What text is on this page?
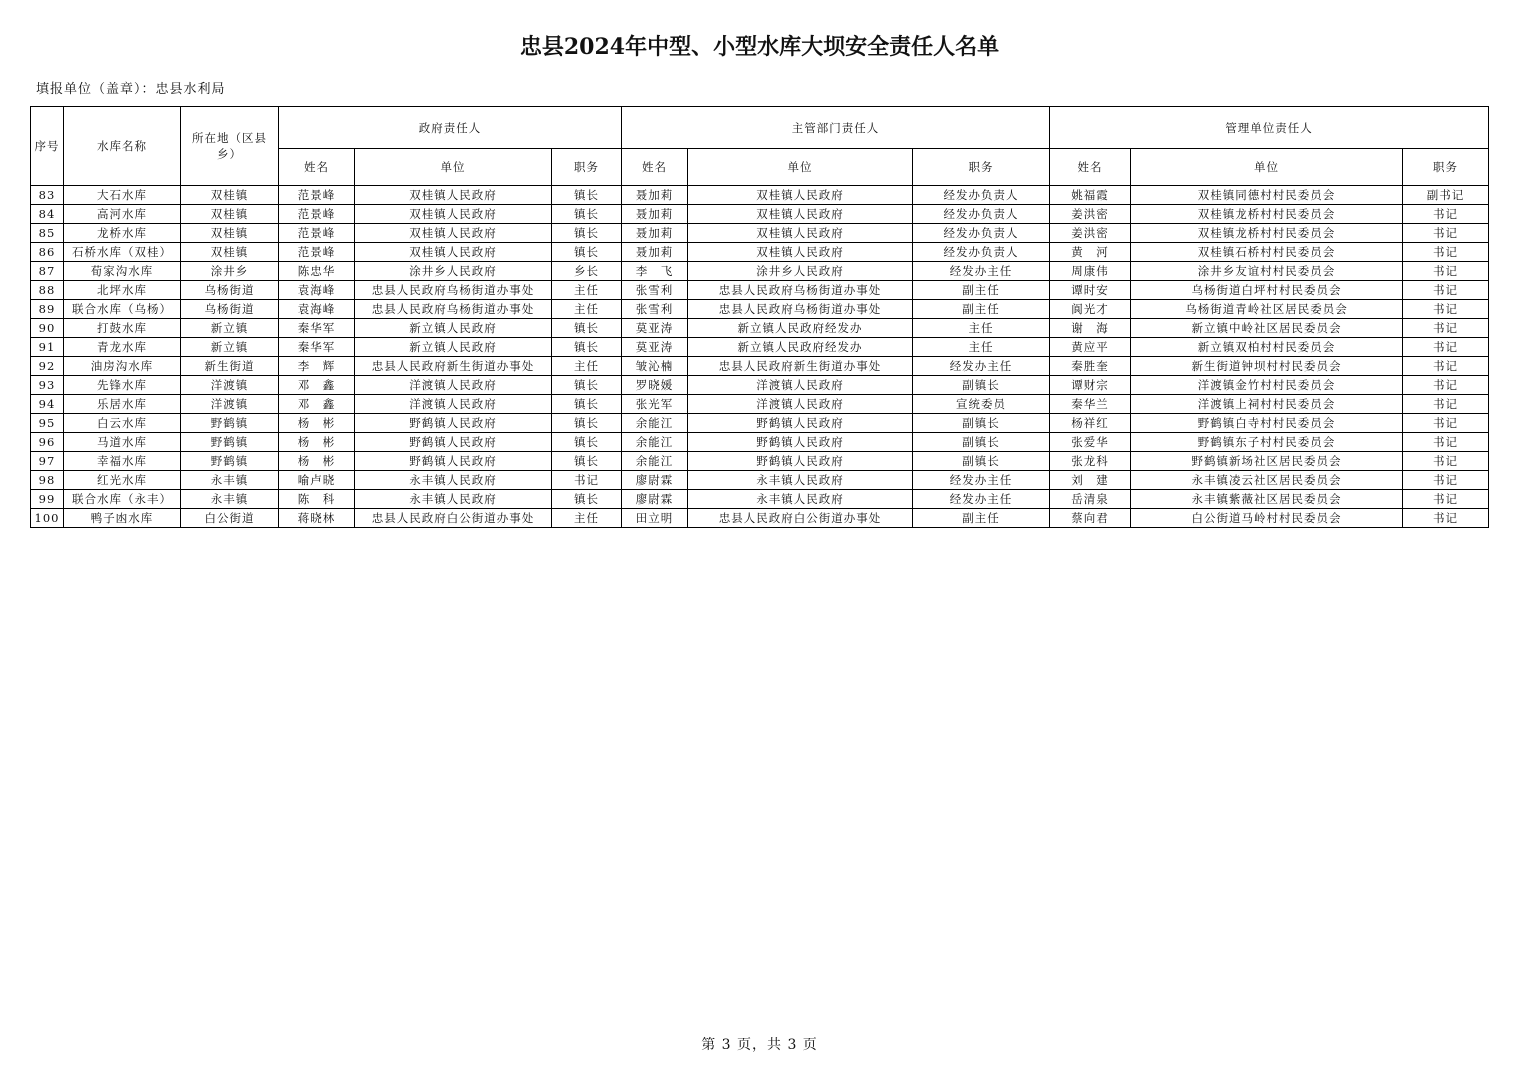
忠县2024年中型、小型水库大坝安全责任人名单
填报单位（盖章）：忠县水利局
序号	水库名称	所在地（区县乡）	政府责任人			主管部门责任人			管理单位责任人		
			姓名	单位	职务	姓名	单位	职务	姓名	单位	职务
83	大石水库	双桂镇	范景峰	双桂镇人民政府	镇长	聂加莉	双桂镇人民政府	经发办负责人	姚福霞	双桂镇同德村村民委员会	副书记
84	高河水库	双桂镇	范景峰	双桂镇人民政府	镇长	聂加莉	双桂镇人民政府	经发办负责人	姜洪密	双桂镇龙桥村村民委员会	书记
85	龙桥水库	双桂镇	范景峰	双桂镇人民政府	镇长	聂加莉	双桂镇人民政府	经发办负责人	姜洪密	双桂镇龙桥村村民委员会	书记
86	石桥水库（双桂）	双桂镇	范景峰	双桂镇人民政府	镇长	聂加莉	双桂镇人民政府	经发办负责人	黄　河	双桂镇石桥村村民委员会	书记
87	荀家沟水库	涂井乡	陈忠华	涂井乡人民政府	乡长	李　飞	涂井乡人民政府	经发办主任	周康伟	涂井乡友谊村村民委员会	书记
88	北坪水库	乌杨街道	袁海峰	忠县人民政府乌杨街道办事处	主任	张雪利	忠县人民政府乌杨街道办事处	副主任	谭时安	乌杨街道白坪村村民委员会	书记
89	联合水库（乌杨）	乌杨街道	袁海峰	忠县人民政府乌杨街道办事处	主任	张雪利	忠县人民政府乌杨街道办事处	副主任	阆光才	乌杨街道青岭社区居民委员会	书记
90	打鼓水库	新立镇	秦华军	新立镇人民政府	镇长	莫亚涛	新立镇人民政府经发办	主任	谢　海	新立镇中岭社区居民委员会	书记
91	青龙水库	新立镇	秦华军	新立镇人民政府	镇长	莫亚涛	新立镇人民政府经发办	主任	黄应平	新立镇双柏村村民委员会	书记
92	油房沟水库	新生街道	李　辉	忠县人民政府新生街道办事处	主任	皱沁楠	忠县人民政府新生街道办事处	经发办主任	秦胜奎	新生街道钟坝村村民委员会	书记
93	先锋水库	洋渡镇	邓　鑫	洋渡镇人民政府	镇长	罗晓媛	洋渡镇人民政府	副镇长	谭财宗	洋渡镇金竹村村民委员会	书记
94	乐居水库	洋渡镇	邓　鑫	洋渡镇人民政府	镇长	张光军	洋渡镇人民政府	宣统委员	秦华兰	洋渡镇上祠村村民委员会	书记
95	白云水库	野鹤镇	杨　彬	野鹤镇人民政府	镇长	余能江	野鹤镇人民政府	副镇长	杨祥红	野鹤镇白寺村村民委员会	书记
96	马道水库	野鹤镇	杨　彬	野鹤镇人民政府	镇长	余能江	野鹤镇人民政府	副镇长	张爱华	野鹤镇东子村村民委员会	书记
97	幸福水库	野鹤镇	杨　彬	野鹤镇人民政府	镇长	余能江	野鹤镇人民政府	副镇长	张龙科	野鹤镇新场社区居民委员会	书记
98	红光水库	永丰镇	喻卢晓	永丰镇人民政府	书记	廖尉霖	永丰镇人民政府	经发办主任	刘　建	永丰镇凌云社区居民委员会	书记
99	联合水库（永丰）	永丰镇	陈　科	永丰镇人民政府	镇长	廖尉霖	永丰镇人民政府	经发办主任	岳清泉	永丰镇紫薇社区居民委员会	书记
100	鸭子凼水库	白公街道	蒋晓林	忠县人民政府白公街道办事处	主任	田立明	忠县人民政府白公街道办事处	副主任	蔡向君	白公街道马岭村村民委员会	书记
第 3 页，共 3 页
